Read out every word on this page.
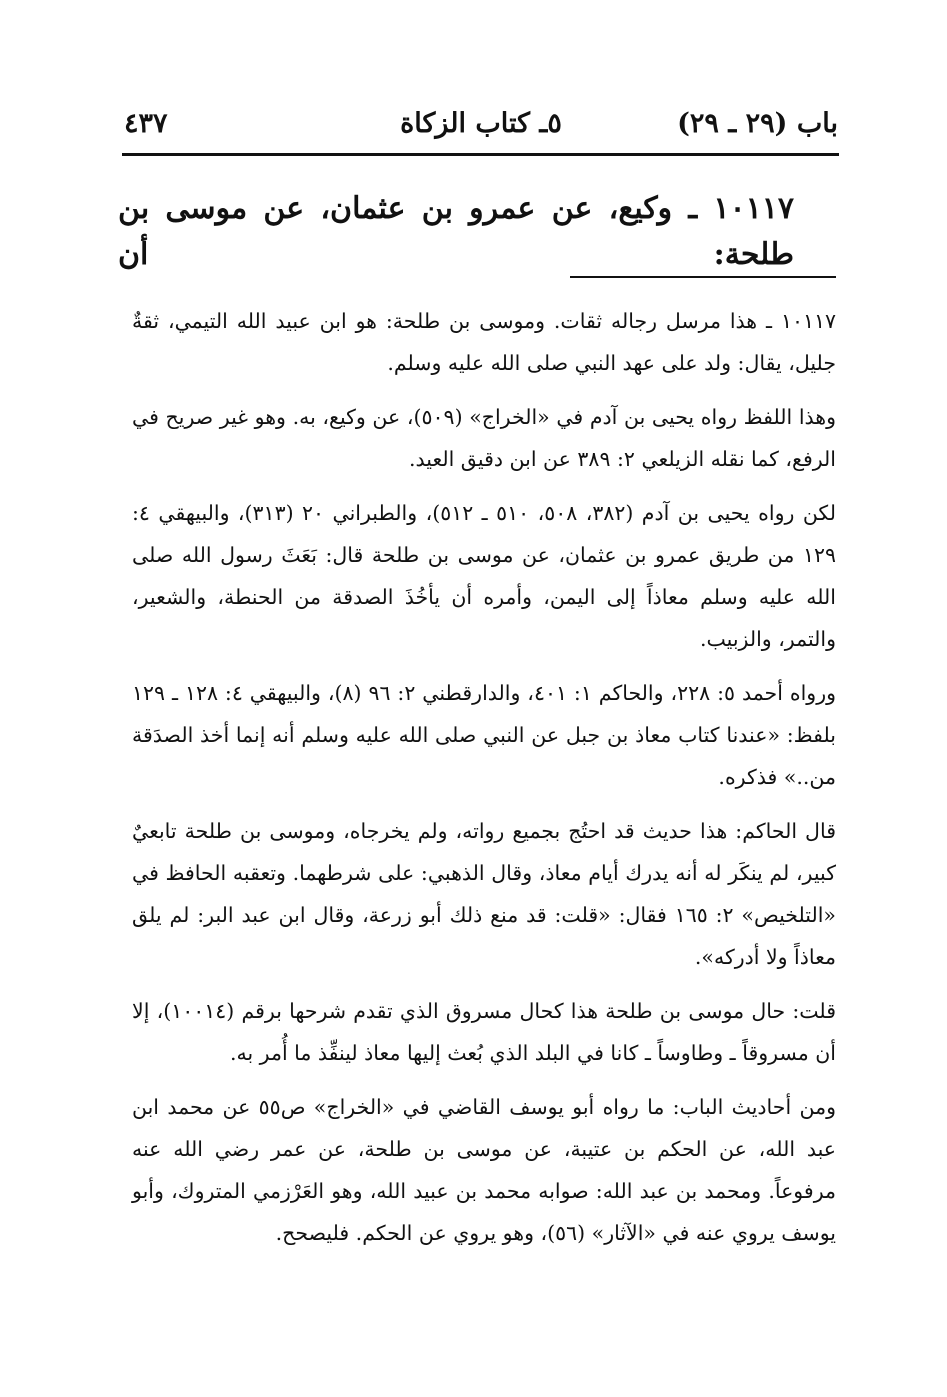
باب (٢٩ ـ ٢٩)
٥ـ كتاب الزكاة
٤٣٧
١٠١١٧ ـ وكيع، عن عمرو بن عثمان، عن موسى بن طلحة: أن

١٠١١٧ ـ هذا مرسل رجاله ثقات. وموسى بن طلحة: هو ابن عبيد الله التيمي، ثقةٌ جليل، يقال: ولد على عهد النبي صلى الله عليه وسلم.

وهذا اللفظ رواه يحيى بن آدم في «الخراج» (٥٠٩)، عن وكيع، به. وهو غير صريح في الرفع، كما نقله الزيلعي ٢: ٣٨٩ عن ابن دقيق العيد.

لكن رواه يحيى بن آدم (٣٨٢، ٥٠٨، ٥١٠ ـ ٥١٢)، والطبراني ٢٠ (٣١٣)، والبيهقي ٤: ١٢٩ من طريق عمرو بن عثمان، عن موسى بن طلحة قال: بَعَثَ رسول الله صلى الله عليه وسلم معاذاً إلى اليمن، وأمره أن يأخُذَ الصدقة من الحنطة، والشعير، والتمر، والزبيب.

ورواه أحمد ٥: ٢٢٨، والحاكم ١: ٤٠١، والدارقطني ٢: ٩٦ (٨)، والبيهقي ٤: ١٢٨ ـ ١٢٩ بلفظ: «عندنا كتاب معاذ بن جبل عن النبي صلى الله عليه وسلم أنه إنما أخذ الصدَقة من..» فذكره.

قال الحاكم: هذا حديث قد احتُج بجميع رواته، ولم يخرجاه، وموسى بن طلحة تابعيٌ كبير، لم ينكَر له أنه يدرك أيام معاذ، وقال الذهبي: على شرطهما. وتعقبه الحافظ في «التلخيص» ٢: ١٦٥ فقال: «قلت: قد منع ذلك أبو زرعة، وقال ابن عبد البر: لم يلق معاذاً ولا أدركه».

قلت: حال موسى بن طلحة هذا كحال مسروق الذي تقدم شرحها برقم (١٠٠١٤)، إلا أن مسروقاً ـ وطاوساً ـ كانا في البلد الذي بُعث إليها معاذ لينفِّذ ما أُمر به.

ومن أحاديث الباب: ما رواه أبو يوسف القاضي في «الخراج» ص٥٥ عن محمد ابن عبد الله، عن الحكم بن عتيبة، عن موسى بن طلحة، عن عمر رضي الله عنه مرفوعاً. ومحمد بن عبد الله: صوابه محمد بن عبيد الله، وهو العَرْزمي المتروك، وأبو يوسف يروي عنه في «الآثار» (٥٦)، وهو يروي عن الحكم. فليصحح.
